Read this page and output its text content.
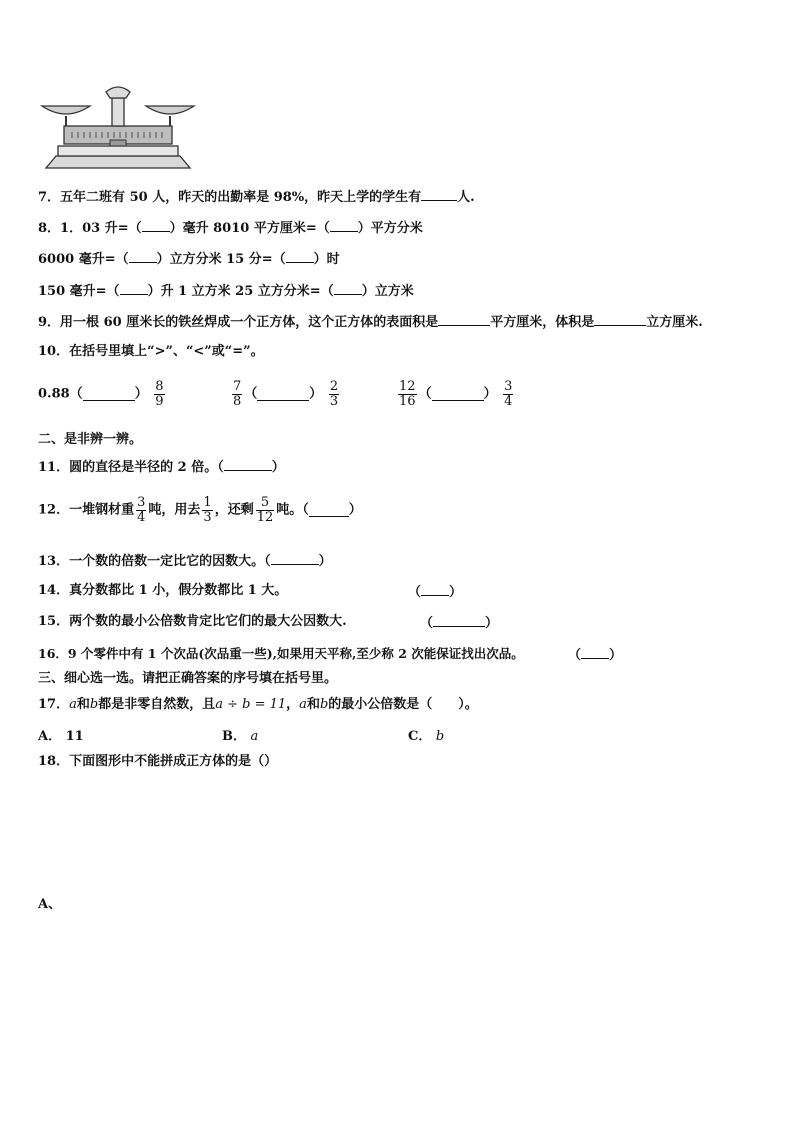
7．五年二班有 50 人，昨天的出勤率是 98%，昨天上学的学生有	人.
8．1．03 升=（ ）毫升 8010 平方厘米=（ ）平方分米
6000 毫升=（ ）立方分米 15 分=（ ）时
150 毫升=（ ）升 1 立方米 25 立方分米=（ ）立方米
9．用一根 60 厘米长的铁丝焊成一个正方体，这个正方体的表面积是	平方厘米，体积是	立方厘米.
10．在括号里填上“>”、“<”或“=”。
0.88（	） $\frac{8}{9}$	$\frac{7}{8}$ （	） $\frac{2}{3}$	$\frac{12}{16}$ （	） $\frac{3}{4}$
二、是非辨一辨。
11．圆的直径是半径的 2 倍。（	）
12．一堆钢材重 $\frac{3}{4}$ 吨，用去 $\frac{1}{3}$ ，还剩 $\frac{5}{12}$ 吨。（	）
13．一个数的倍数一定比它的因数大。（	）
14．真分数都比 1 小，假分数都比 1 大。	（ ）
15．两个数的最小公倍数肯定比它们的最大公因数大.	（	）
16．9 个零件中有 1 个次品(次品重一些),如果用天平称,至少称 2 次能保证找出次品。	（ ）
三、细心选一选。请把正确答案的序号填在括号里。
17．a和b都是非零自然数，且a ÷ b = 11，a和b的最小公倍数是（　　）。
A． 11	B． a	C． b
18．下面图形中不能拼成正方体的是（）
A、
